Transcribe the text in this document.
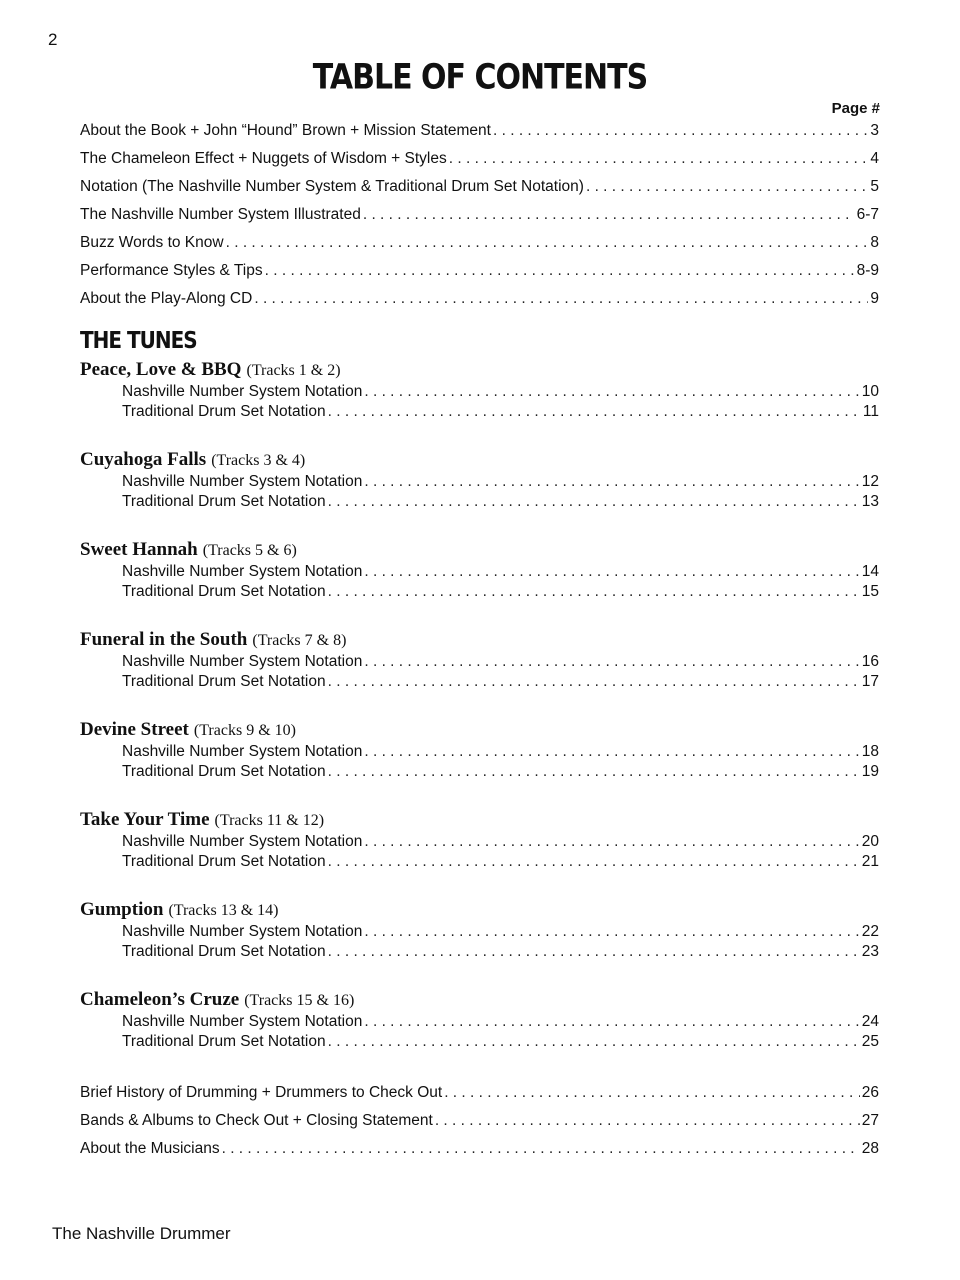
2
TABLE OF CONTENTS
Page #
About the Book + John “Hound” Brown + Mission Statement . . .	3
The Chameleon Effect + Nuggets of Wisdom + Styles . . .	4
Notation (The Nashville Number System & Traditional Drum Set Notation) . . .	5
The Nashville Number System Illustrated . . .	6-7
Buzz Words to Know . . .	8
Performance Styles & Tips . . .	8-9
About the Play-Along CD . . .	9
THE TUNES
Peace, Love & BBQ (Tracks 1 & 2)
Nashville Number System Notation . . .	10
Traditional Drum Set Notation . . .	11
Cuyahoga Falls (Tracks 3 & 4)
Nashville Number System Notation . . .	12
Traditional Drum Set Notation . . .	13
Sweet Hannah (Tracks 5 & 6)
Nashville Number System Notation . . .	14
Traditional Drum Set Notation . . .	15
Funeral in the South (Tracks 7 & 8)
Nashville Number System Notation . . .	16
Traditional Drum Set Notation . . .	17
Devine Street (Tracks 9 & 10)
Nashville Number System Notation . . .	18
Traditional Drum Set Notation . . .	19
Take Your Time (Tracks 11 & 12)
Nashville Number System Notation . . .	20
Traditional Drum Set Notation . . .	21
Gumption (Tracks 13 & 14)
Nashville Number System Notation . . .	22
Traditional Drum Set Notation . . .	23
Chameleon’s Cruze (Tracks 15 & 16)
Nashville Number System Notation . . .	24
Traditional Drum Set Notation . . .	25
Brief History of Drumming + Drummers to Check Out . . .	26
Bands & Albums to Check Out + Closing Statement . . .	27
About the Musicians . . .	28
The Nashville Drummer
